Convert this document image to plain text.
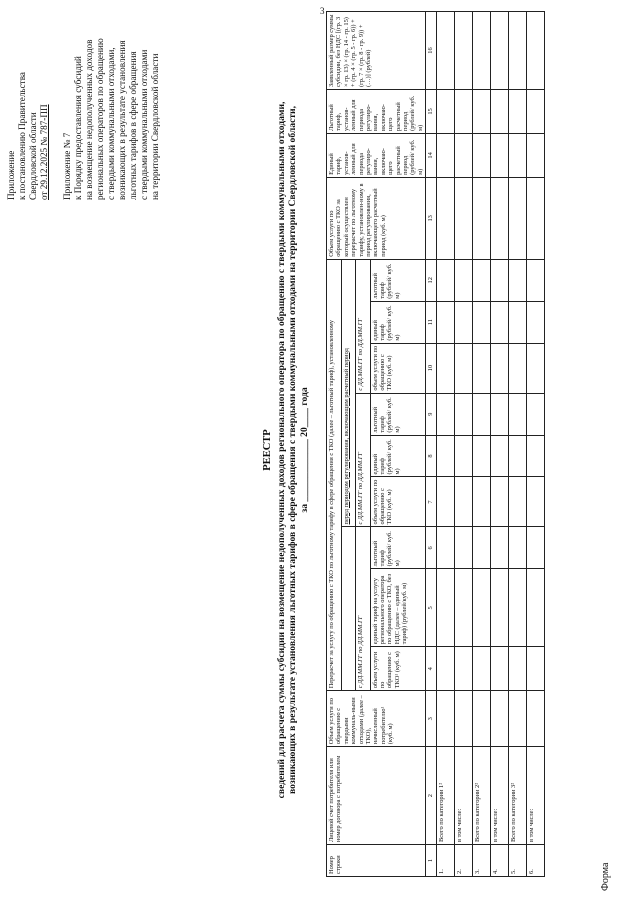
3

Приложение к постановлению Правительства Свердловской области от 29.12.2025 № 787-ПП Приложение № 7 к Порядку предоставления субсидий на возмещение недополученных доходов региональных операторов по обращению с твердыми коммунальными отходами, возникающих в результате установления льготных тарифов в сфере обращения с твердыми коммунальными отходами на территории Свердловской области

Форма
РЕЕСТР сведений для расчета суммы субсидии на возмещение недополученных доходов регионального оператора по обращению с твердыми коммунальными отходами, возникающих в результате установления льготных тарифов в сфере обращения с твердыми коммунальными отходами на территории Свердловской области, за _____________ 20____ года
Номер строки	Лицевой счет потребителя или номер договора с потребителем	Объем услуги по обращению с твердыми коммуналь-ными отходами (далее – ТКО), начисленный потребителю¹ (куб. м)	Перерасчет за услугу по обращению с ТКО по льготному тарифу в сфере обращения с ТКО (далее – льготный тариф), установленному									Объем услуги по обращению с ТКО за который осуществлен перерасчет по льготному тарифу, установлен-ному в период регулирования, включающего расчетный период (куб. м)	Единый тариф, установ-ленный для периода регулиро-вания, включаю-щего расчетный период (рублей/ куб. м)	Льготный тариф, установ-ленный для периода регулиро-вания, включаю-щего расчетный период (рублей/ куб. м)	Заявленный размер суммы субсидии, без НДС [(гр. 3 × гр. 13) × (гр. 14 - гр. 15) + (гр. 4 × (гр. 5 - гр. 6)) + (гр. 7 × (гр. 8 - гр. 9)) + (…)] (рублей)
						перед периодом регулирования, включающим расчетный период									
			с ДД.ММ.ГГ по ДД.ММ.ГГ			с ДД.ММ.ГГ по ДД.ММ.ГГ			с ДД.ММ.ГГ по ДД.ММ.ГГ						
			объем услуги по обращению с ТКО¹ (куб. м)	единый тариф на услугу регионального оператора по обращению с ТКО, без НДС (далее – единый тариф) (рублей/куб. м)	льготный тариф (рублей/ куб. м)	объем услуги по обращению с ТКО (куб. м)	единый тариф (рублей/ куб. м)	льготный тариф (рублей/ куб. м)	объем услуги по обращению с ТКО (куб. м)	единый тариф (рублей/ куб. м)	льготный тариф (рублей/ куб. м)				
1	2	3	4	5	6	7	8	9	10	11	12	13	14	15	16
1.	Всего по категории 1²														
2.	в том числе:														
3.	Всего по категории 2²														
4.	в том числе:														
5.	Всего по категории 3²														
6.	в том числе:														
